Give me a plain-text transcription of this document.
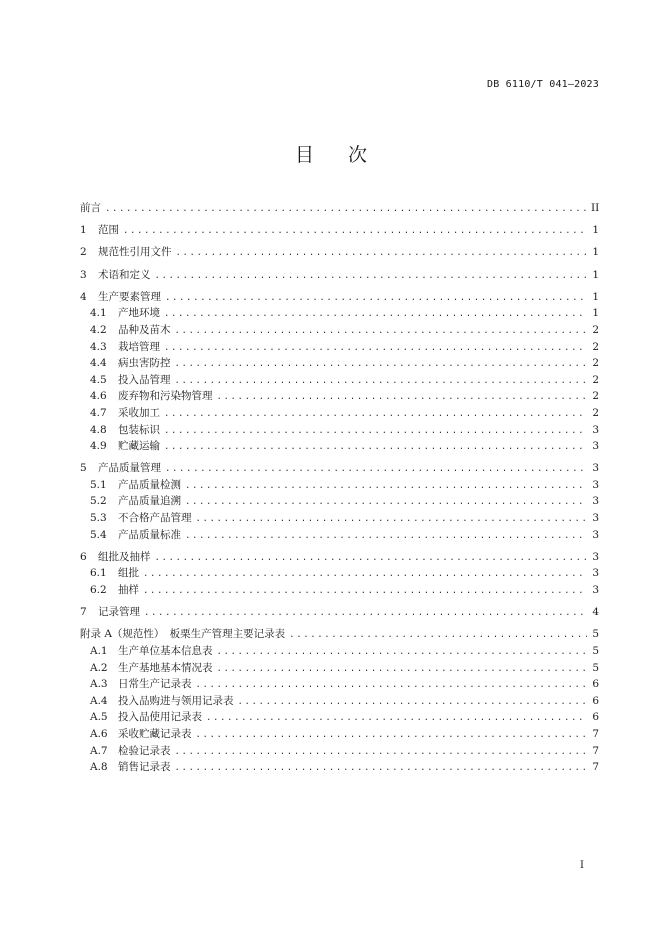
DB 6110/T 041—2023
目次
前言 .....	II
1	范围 .....	1
2	规范性引用文件 .....	1
3	术语和定义 .....	1
4	生产要素管理 .....	1
4.1	产地环境 .....	1
4.2	品种及苗木 .....	2
4.3	栽培管理 .....	2
4.4	病虫害防控 .....	2
4.5	投入品管理 .....	2
4.6	废弃物和污染物管理 .....	2
4.7	采收加工 .....	2
4.8	包装标识 .....	3
4.9	贮藏运输 .....	3
5	产品质量管理 .....	3
5.1	产品质量检测 .....	3
5.2	产品质量追溯 .....	3
5.3	不合格产品管理 .....	3
5.4	产品质量标准 .....	3
6	组批及抽样 .....	3
6.1	组批 .....	3
6.2	抽样 .....	3
7	记录管理 .....	4
附录 A（规范性）　板栗生产管理主要记录表 .....	5
A.1 生产单位基本信息表 .....	5
A.2 生产基地基本情况表 .....	5
A.3 日常生产记录表 .....	6
A.4 投入品购进与领用记录表 .....	6
A.5 投入品使用记录表 .....	6
A.6 采收贮藏记录表 .....	7
A.7 检验记录表 .....	7
A.8 销售记录表 .....	7
I
